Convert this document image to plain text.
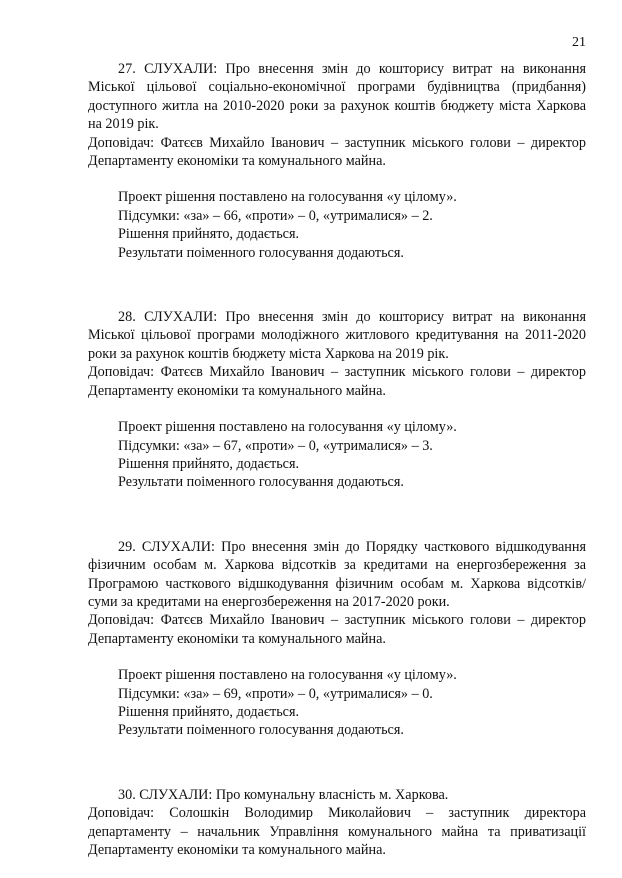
21

27. СЛУХАЛИ: Про внесення змін до кошторису витрат на виконання Міської цільової соціально-економічної програми будівництва (придбання) доступного житла на 2010-2020 роки за рахунок коштів бюджету міста Харкова на 2019 рік.

Доповідач: Фатєєв Михайло Іванович – заступник міського голови – директор Департаменту економіки та комунального майна.

Проект рішення поставлено на голосування «у цілому».
Підсумки: «за» – 66, «проти» – 0, «утрималися» – 2.
Рішення прийнято, додається.
Результати поіменного голосування додаються.

28. СЛУХАЛИ: Про внесення змін до кошторису витрат на виконання Міської цільової програми молодіжного житлового кредитування на 2011-2020 роки за рахунок коштів бюджету міста Харкова на 2019 рік.

Доповідач: Фатєєв Михайло Іванович – заступник міського голови – директор Департаменту економіки та комунального майна.

Проект рішення поставлено на голосування «у цілому».
Підсумки: «за» – 67, «проти» – 0, «утрималися» – 3.
Рішення прийнято, додається.
Результати поіменного голосування додаються.

29. СЛУХАЛИ: Про внесення змін до Порядку часткового відшкодування фізичним особам м. Харкова відсотків за кредитами на енергозбереження за Програмою часткового відшкодування фізичним особам м. Харкова відсотків/суми за кредитами на енергозбереження на 2017-2020 роки.

Доповідач: Фатєєв Михайло Іванович – заступник міського голови – директор Департаменту економіки та комунального майна.

Проект рішення поставлено на голосування «у цілому».
Підсумки: «за» – 69, «проти» – 0, «утрималися» – 0.
Рішення прийнято, додається.
Результати поіменного голосування додаються.

30. СЛУХАЛИ: Про комунальну власність м. Харкова.

Доповідач: Солошкін Володимир Миколайович – заступник директора департаменту – начальник Управління комунального майна та приватизації Департаменту економіки та комунального майна.
